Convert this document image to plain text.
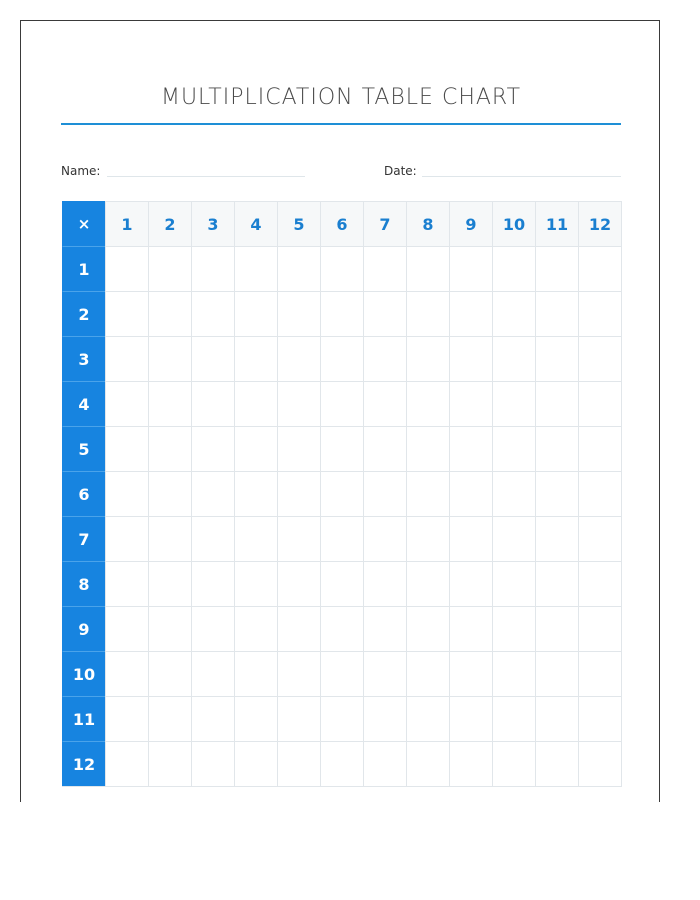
MULTIPLICATION TABLE CHART
Name:	Date:
×	1	2	3	4	5	6	7	8	9	10	11	12
1
2
3
4
5
6
7
8
9
10
11
12
